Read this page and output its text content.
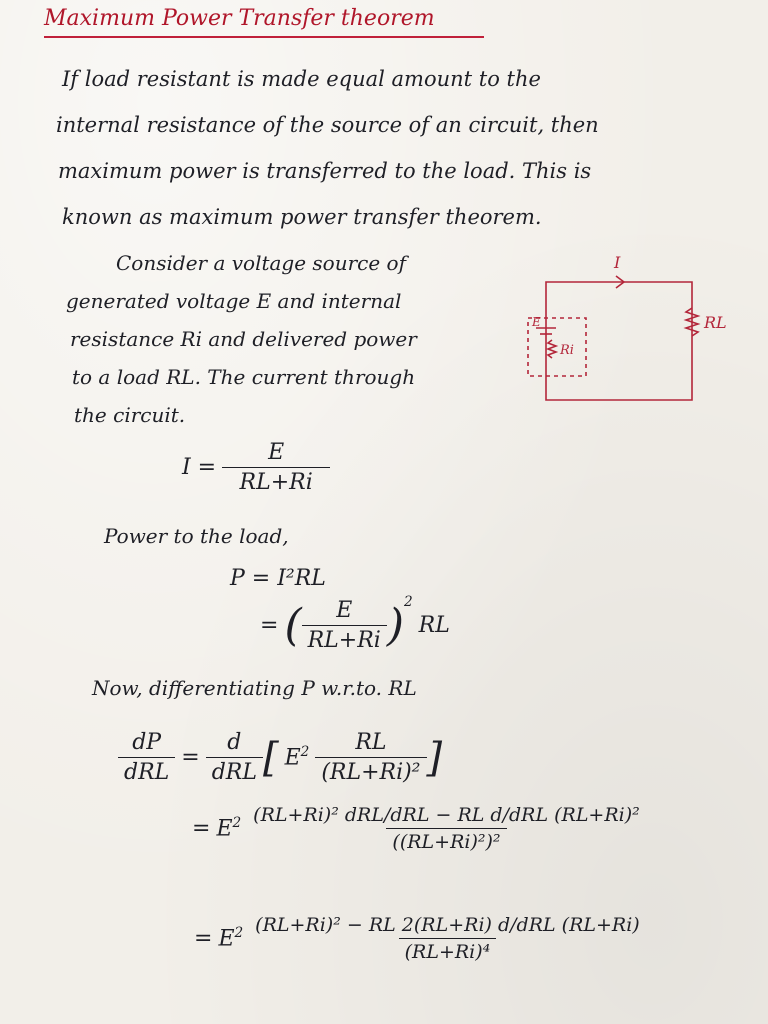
Maximum Power Transfer theorem
If load resistant is made equal amount to the
internal resistance of the source of an circuit, then
maximum power is transferred to the load. This is
known as maximum power transfer theorem.
Consider a voltage source of
generated voltage E and internal
resistance Ri and delivered power
to a load RL. The current through
the circuit.
I
RL
E
Ri
$I = \frac{E}{RL+Ri}$
Power to the load,
P = I²RL
= ( $\frac{E}{RL+Ri} )^2$
RL
Now, differentiating P w.r.to. RL
$\frac{dP}{\text{dRL}} = \frac{d}{\text{dRL}}$ [ $E^2 \frac{RL}{\text{(RL+Ri)²}}$ ]
= $E^2 \frac{\text{(RL+Ri)² dRL/dRL − RL d/dRL (RL+Ri)²}}{\text{((RL+Ri)²)²}}$
= $E^2 \frac{\text{(RL+Ri)² − RL 2(RL+Ri) d/dRL (RL+Ri)}}{\text{(RL+Ri)⁴}}$
